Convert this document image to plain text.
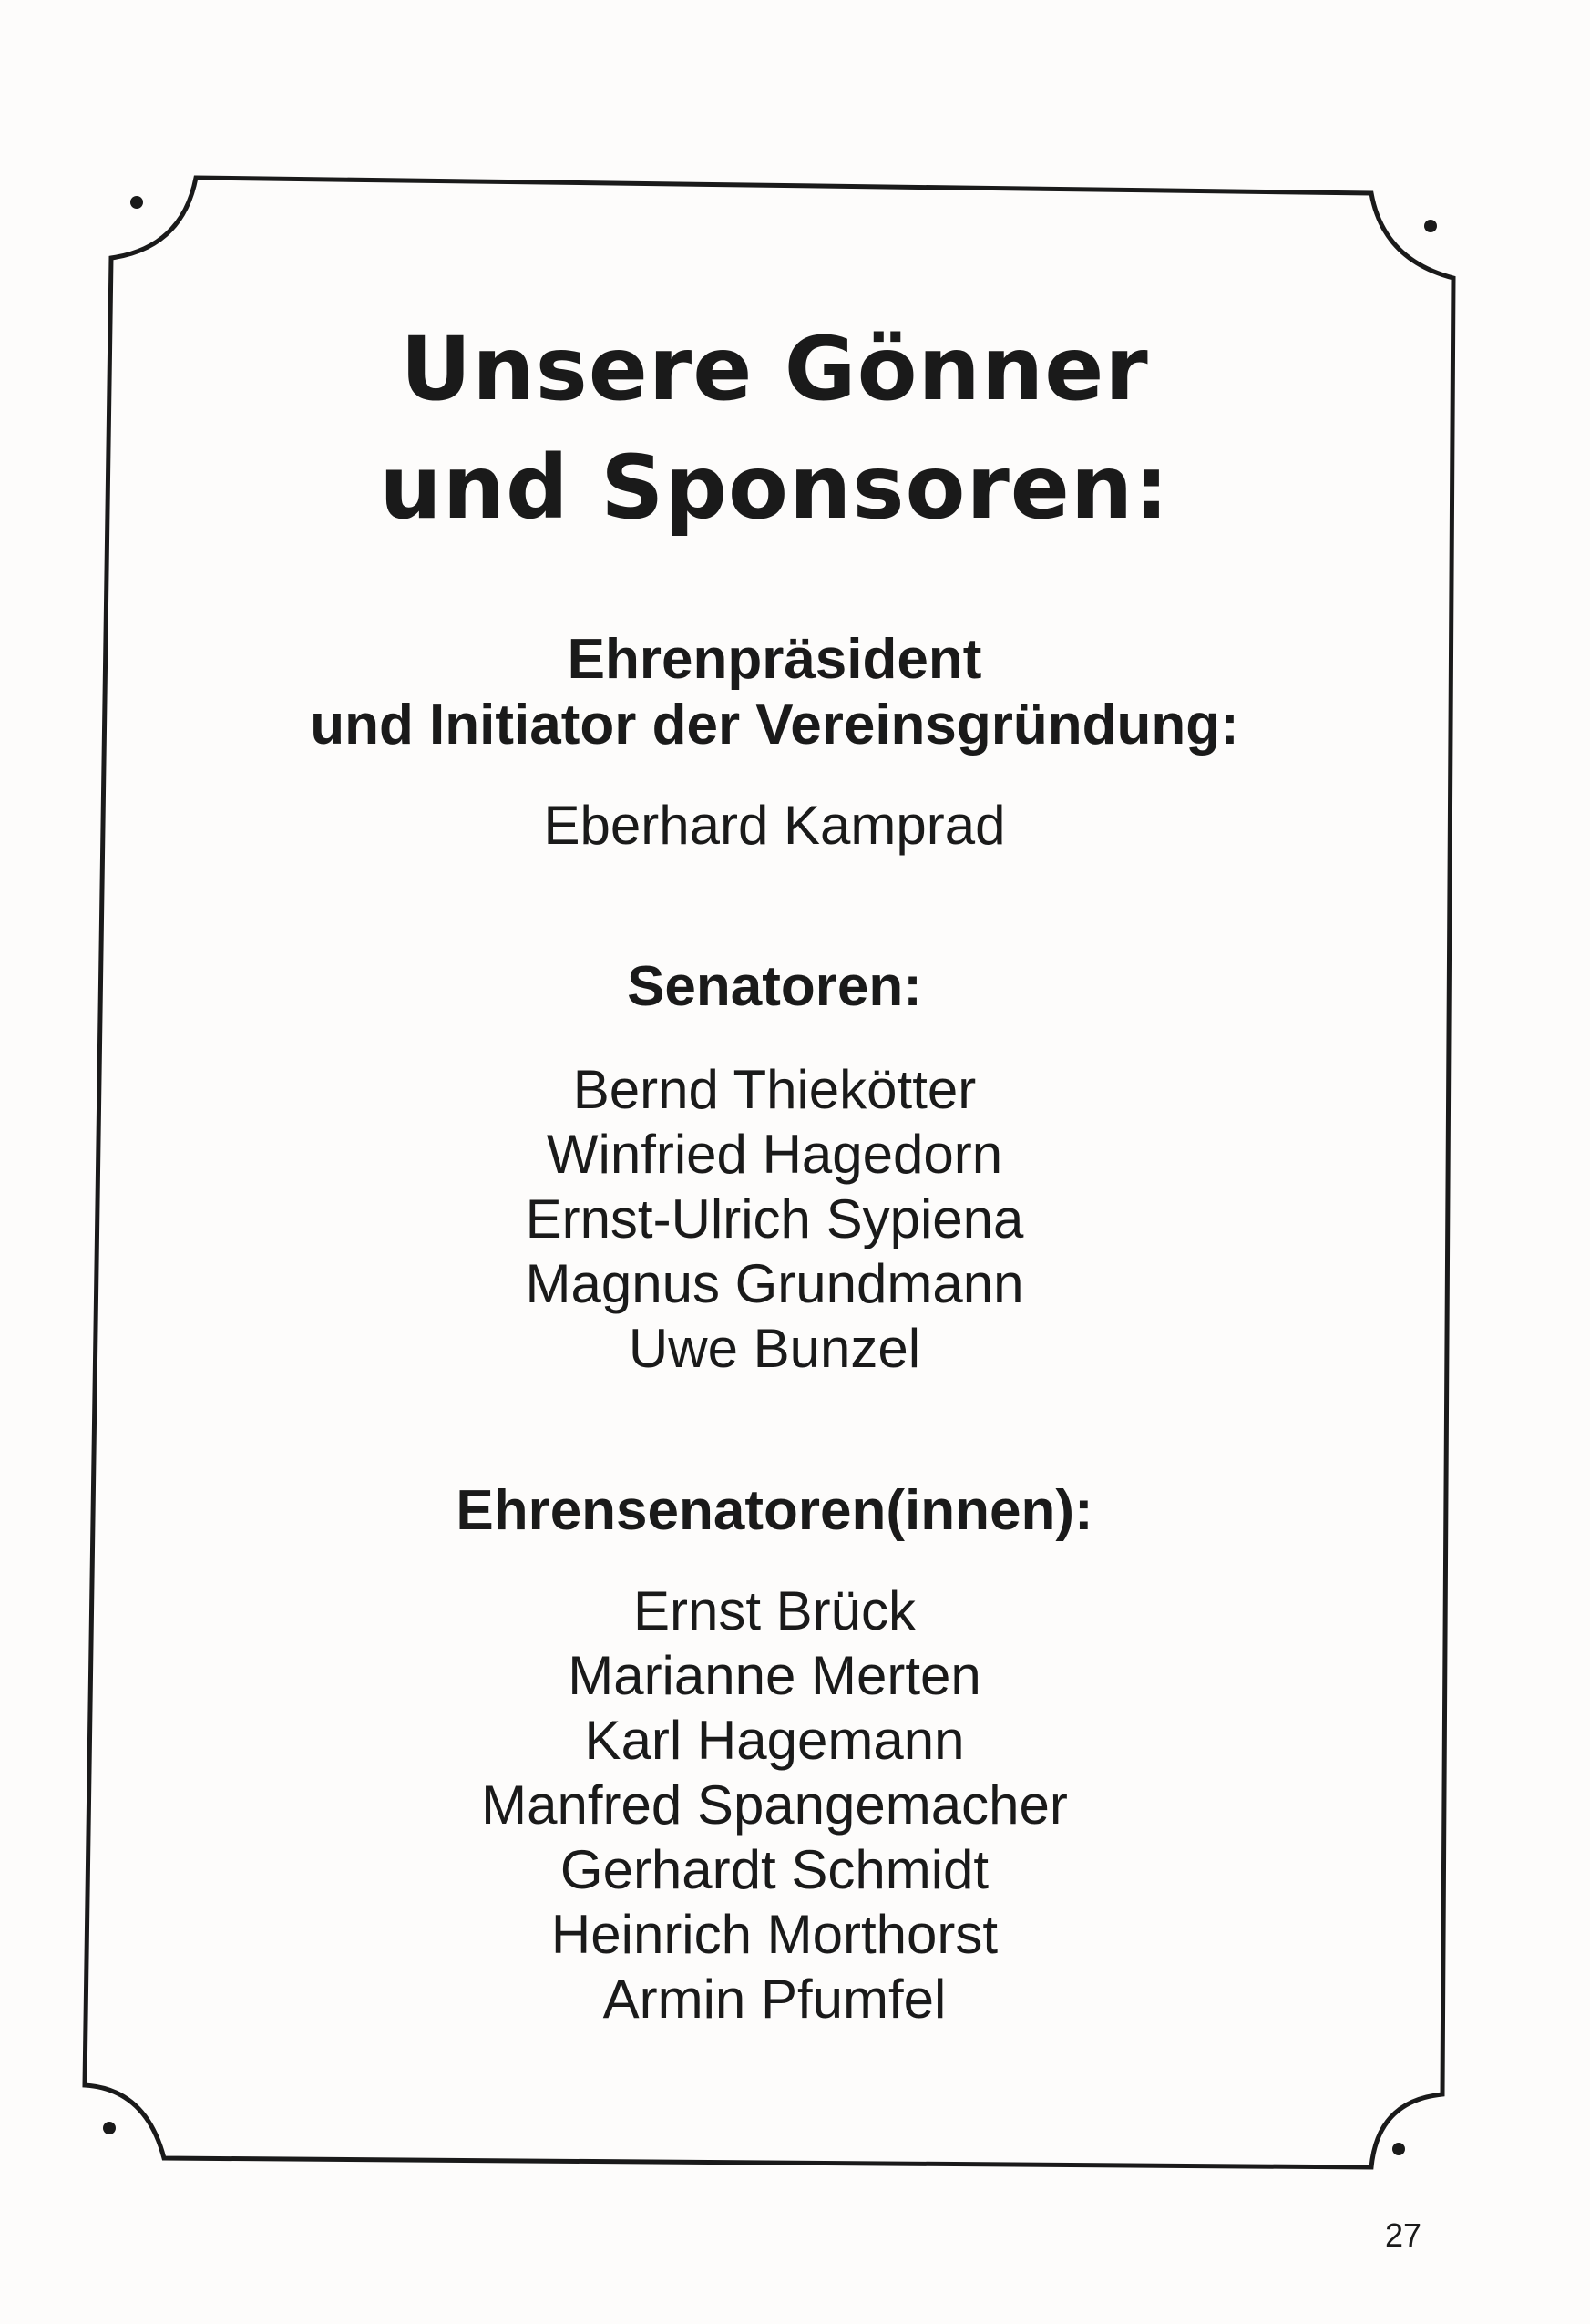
Unsere Gönner
und Sponsoren:
Ehrenpräsident
und Initiator der Vereinsgründung:
Eberhard Kamprad
Senatoren:
Bernd Thiekötter
Winfried Hagedorn
Ernst-Ulrich Sypiena
Magnus Grundmann
Uwe Bunzel
Ehrensenatoren(innen):
Ernst Brück
Marianne Merten
Karl Hagemann
Manfred Spangemacher
Gerhardt Schmidt
Heinrich Morthorst
Armin Pfumfel
27
